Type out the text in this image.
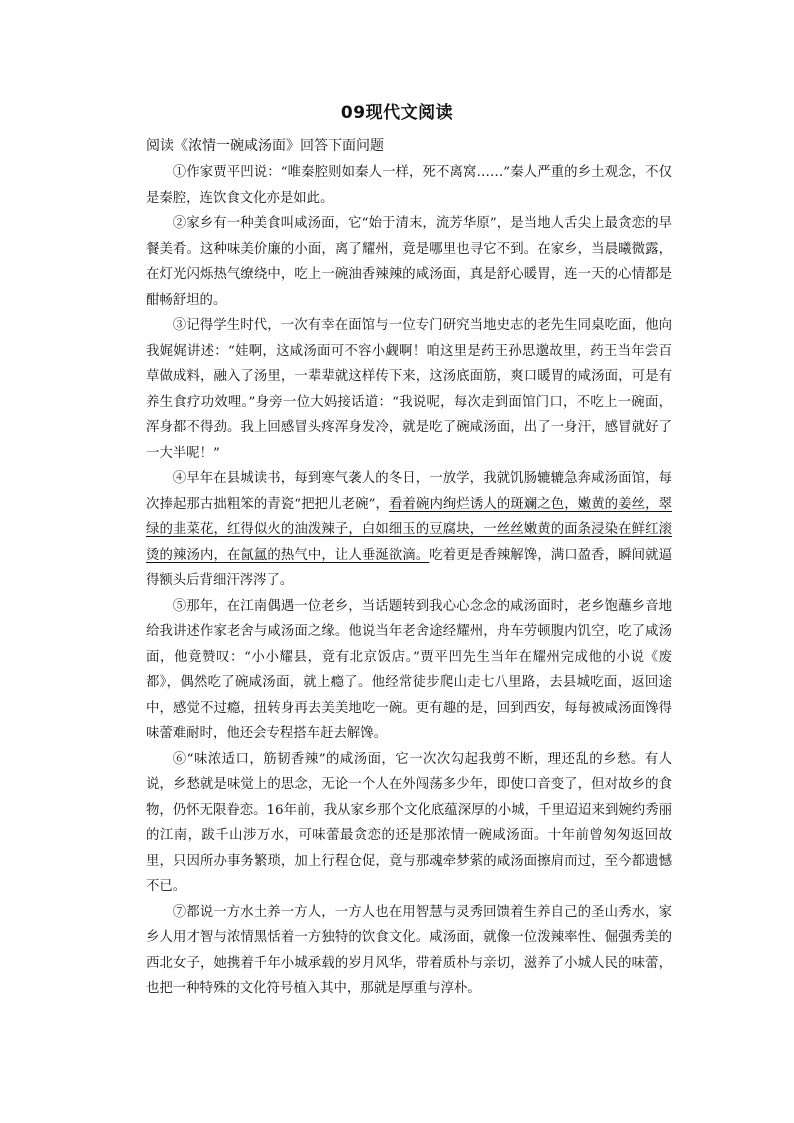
09现代文阅读
阅读《浓情一碗咸汤面》回答下面问题

①作家贾平凹说：“唯秦腔则如秦人一样，死不离窝……”秦人严重的乡土观念，不仅是秦腔，连饮食文化亦是如此。

②家乡有一种美食叫咸汤面，它“始于清末，流芳华原”，是当地人舌尖上最贪恋的早餐美肴。这种味美价廉的小面，离了耀州，竟是哪里也寻它不到。在家乡，当晨曦微露，在灯光闪烁热气缭绕中，吃上一碗油香辣辣的咸汤面，真是舒心暖胃，连一天的心情都是酣畅舒坦的。

③记得学生时代，一次有幸在面馆与一位专门研究当地史志的老先生同桌吃面，他向我娓娓讲述：“娃啊，这咸汤面可不容小觑啊！咱这里是药王孙思邈故里，药王当年尝百草做成料，融入了汤里，一辈辈就这样传下来，这汤底面筋，爽口暖胃的咸汤面，可是有养生食疗功效哩。”身旁一位大妈接话道：“我说呢，每次走到面馆门口，不吃上一碗面，浑身都不得劲。我上回感冒头疼浑身发冷，就是吃了碗咸汤面，出了一身汗，感冒就好了一大半呢！”

④早年在县城读书，每到寒气袭人的冬日，一放学，我就饥肠辘辘急奔咸汤面馆，每次捧起那古拙粗笨的青瓷“把把儿老碗”，看着碗内绚烂诱人的斑斓之色，嫩黄的姜丝，翠绿的韭菜花，红得似火的油泼辣子，白如细玉的豆腐块，一丝丝嫩黄的面条浸染在鲜红滚烫的辣汤内，在氤氲的热气中，让人垂涎欲滴。吃着更是香辣解馋，满口盈香，瞬间就逼得额头后背细汗涔涔了。

⑤那年，在江南偶遇一位老乡，当话题转到我心心念念的咸汤面时，老乡饱蘸乡音地给我讲述作家老舍与咸汤面之缘。他说当年老舍途经耀州，舟车劳顿腹内饥空，吃了咸汤面，他竟赞叹：“小小耀县，竟有北京饭店。”贾平凹先生当年在耀州完成他的小说《废都》，偶然吃了碗咸汤面，就上瘾了。他经常徒步爬山走七八里路，去县城吃面，返回途中，感觉不过瘾，扭转身再去美美地吃一碗。更有趣的是，回到西安，每每被咸汤面馋得味蕾难耐时，他还会专程搭车赶去解馋。

⑥“味浓适口，筋韧香辣”的咸汤面，它一次次勾起我剪不断，理还乱的乡愁。有人说，乡愁就是味觉上的思念，无论一个人在外闯荡多少年，即使口音变了，但对故乡的食物，仍怀无限眷恋。16年前，我从家乡那个文化底蕴深厚的小城，千里迢迢来到婉约秀丽的江南，跋千山涉万水，可味蕾最贪恋的还是那浓情一碗咸汤面。十年前曾匆匆返回故里，只因所办事务繁琐，加上行程仓促，竟与那魂牵梦萦的咸汤面擦肩而过，至今都遗憾不已。

⑦都说一方水土养一方人，一方人也在用智慧与灵秀回馈着生养自己的圣山秀水，家乡人用才智与浓情黑恬着一方独特的饮食文化。咸汤面，就像一位泼辣率性、倔强秀美的西北女子，她携着千年小城承载的岁月风华，带着质朴与亲切，滋养了小城人民的味蕾，也把一种特殊的文化符号植入其中，那就是厚重与淳朴。
